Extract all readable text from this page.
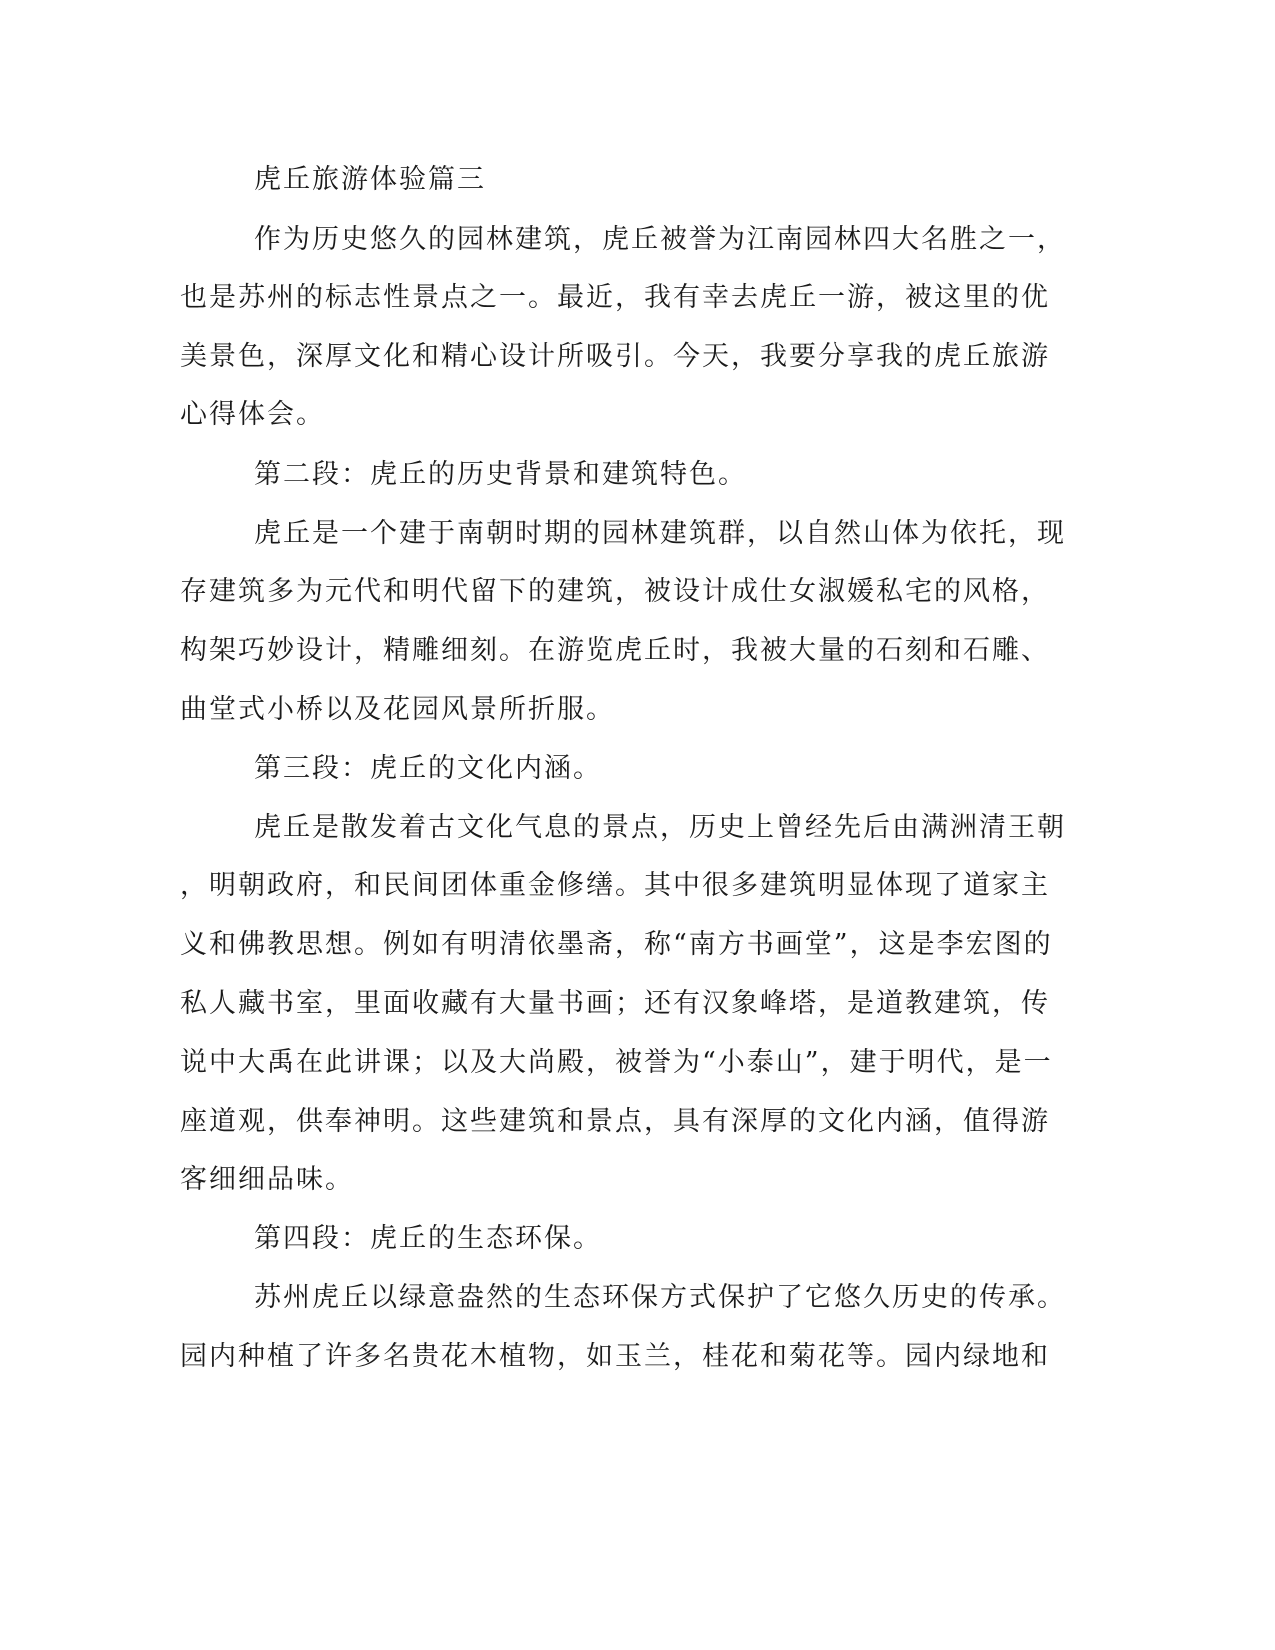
虎丘旅游体验篇三
作为历史悠久的园林建筑，虎丘被誉为江南园林四大名胜之一，
也是苏州的标志性景点之一。最近，我有幸去虎丘一游，被这里的优
美景色，深厚文化和精心设计所吸引。今天，我要分享我的虎丘旅游
心得体会。
第二段：虎丘的历史背景和建筑特色。
虎丘是一个建于南朝时期的园林建筑群，以自然山体为依托，现
存建筑多为元代和明代留下的建筑，被设计成仕女淑媛私宅的风格，
构架巧妙设计，精雕细刻。在游览虎丘时，我被大量的石刻和石雕、
曲堂式小桥以及花园风景所折服。
第三段：虎丘的文化内涵。
虎丘是散发着古文化气息的景点，历史上曾经先后由满洲清王朝
，明朝政府，和民间团体重金修缮。其中很多建筑明显体现了道家主
义和佛教思想。例如有明清依墨斋，称“南方书画堂”，这是李宏图的
私人藏书室，里面收藏有大量书画；还有汉象峰塔，是道教建筑，传
说中大禹在此讲课；以及大尚殿，被誉为“小泰山”，建于明代，是一
座道观，供奉神明。这些建筑和景点，具有深厚的文化内涵，值得游
客细细品味。
第四段：虎丘的生态环保。
苏州虎丘以绿意盎然的生态环保方式保护了它悠久历史的传承。
园内种植了许多名贵花木植物，如玉兰，桂花和菊花等。园内绿地和
